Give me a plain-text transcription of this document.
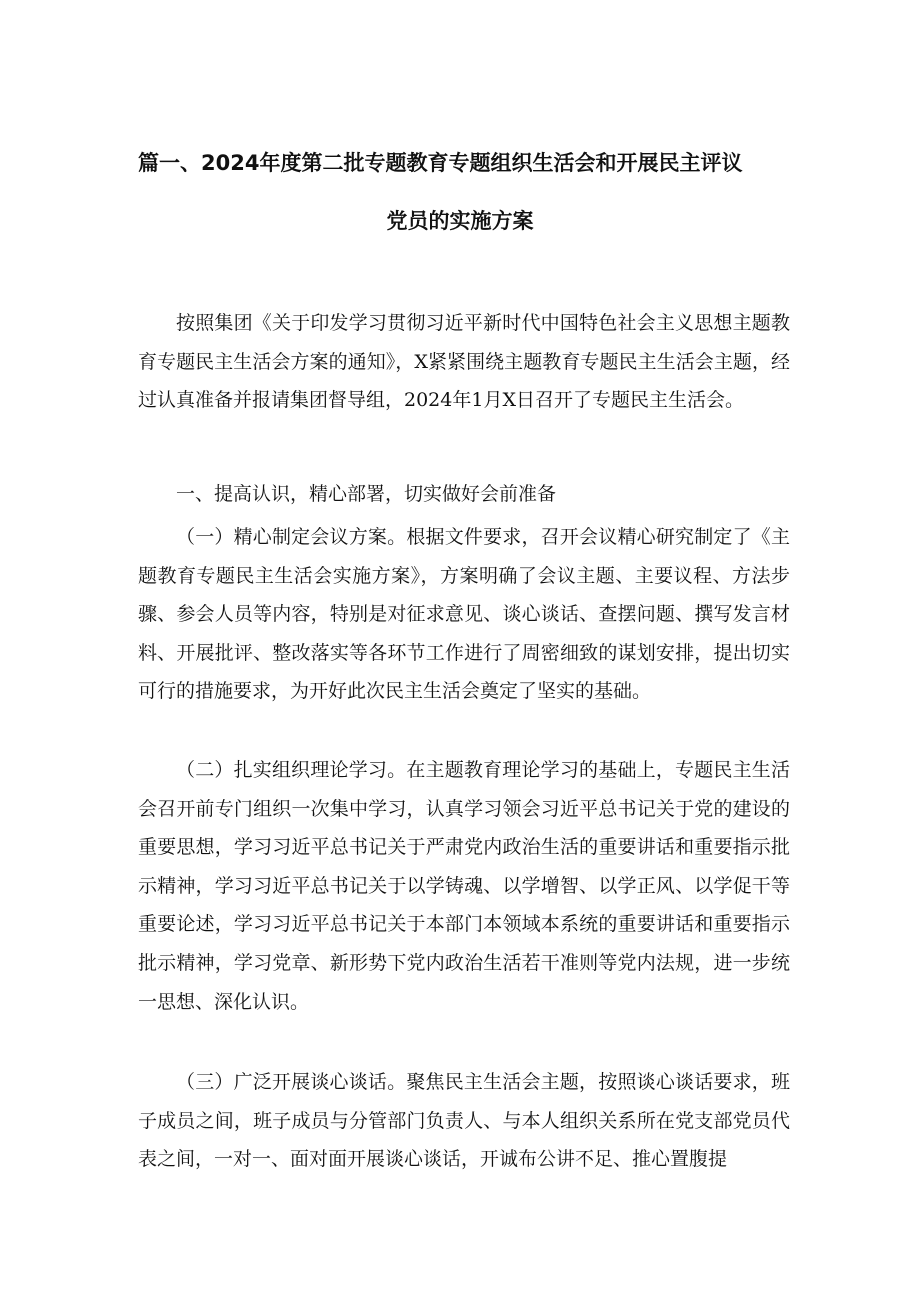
篇一、2024年度第二批专题教育专题组织生活会和开展民主评议
党员的实施方案

按照集团《关于印发学习贯彻习近平新时代中国特色社会主义思想主题教育专题民主生活会方案的通知》，X紧紧围绕主题教育专题民主生活会主题，经过认真准备并报请集团督导组，2024年1月X日召开了专题民主生活会。

一、提高认识，精心部署，切实做好会前准备

（一）精心制定会议方案。根据文件要求，召开会议精心研究制定了《主题教育专题民主生活会实施方案》，方案明确了会议主题、主要议程、方法步骤、参会人员等内容，特别是对征求意见、谈心谈话、查摆问题、撰写发言材料、开展批评、整改落实等各环节工作进行了周密细致的谋划安排，提出切实可行的措施要求，为开好此次民主生活会奠定了坚实的基础。

（二）扎实组织理论学习。在主题教育理论学习的基础上，专题民主生活会召开前专门组织一次集中学习，认真学习领会习近平总书记关于党的建设的重要思想，学习习近平总书记关于严肃党内政治生活的重要讲话和重要指示批示精神，学习习近平总书记关于以学铸魂、以学增智、以学正风、以学促干等重要论述，学习习近平总书记关于本部门本领域本系统的重要讲话和重要指示批示精神，学习党章、新形势下党内政治生活若干准则等党内法规，进一步统一思想、深化认识。

（三）广泛开展谈心谈话。聚焦民主生活会主题，按照谈心谈话要求，班子成员之间，班子成员与分管部门负责人、与本人组织关系所在党支部党员代表之间，一对一、面对面开展谈心谈话，开诚布公讲不足、推心置腹提
